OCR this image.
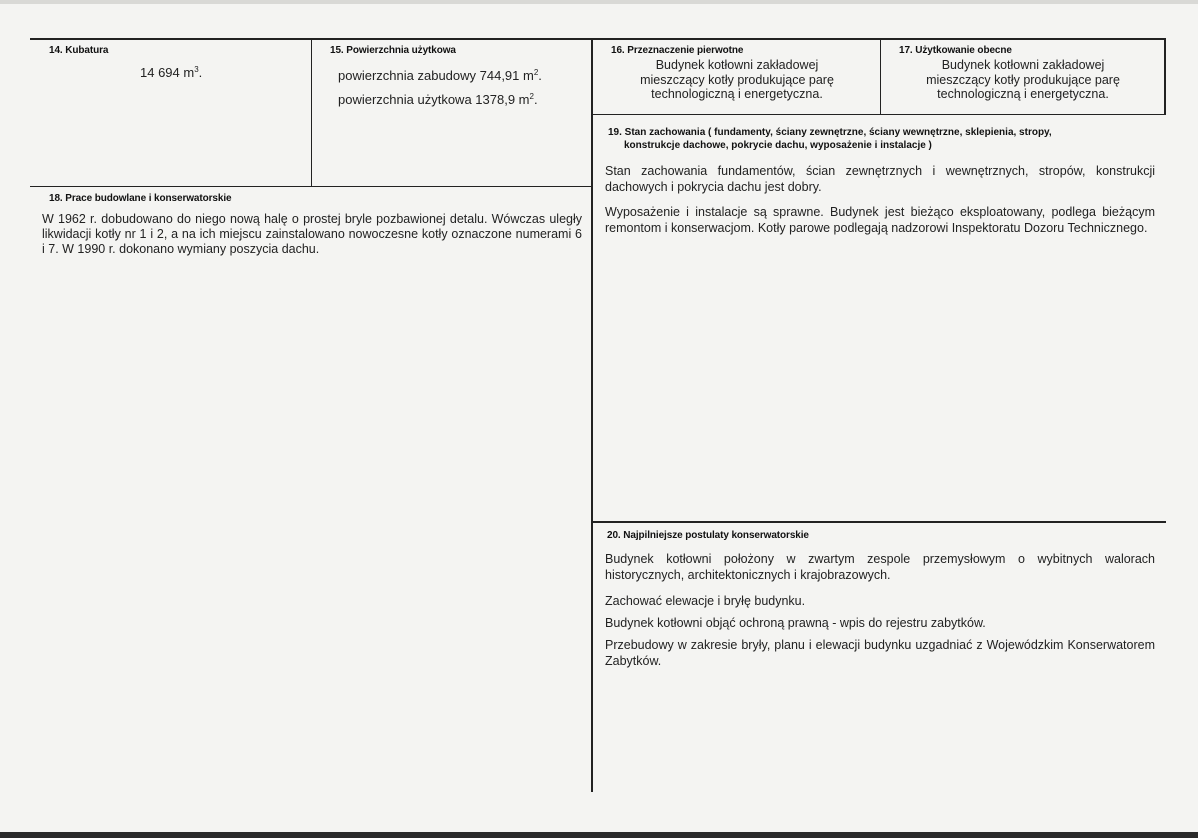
14. Kubatura
14 694 $m^3$.
15. Powierzchnia użytkowa
powierzchnia zabudowy 744,91 $m^2$.
powierzchnia użytkowa 1378,9 $m^2$.
16. Przeznaczenie pierwotne
Budynek kotłowni zakładowej
mieszczący kotły produkujące parę
technologiczną i energetyczna.
17. Użytkowanie obecne
Budynek kotłowni zakładowej
mieszczący kotły produkujące parę
technologiczną i energetyczna.
18. Prace budowlane i konserwatorskie
W 1962 r. dobudowano do niego nową halę o prostej bryle pozbawionej detalu. Wówczas uległy likwidacji kotły nr 1 i 2, a na ich miejscu zainstalowano nowoczesne kotły oznaczone numerami 6 i 7. W 1990 r. dokonano wymiany poszycia dachu.
19. Stan zachowania ( fundamenty, ściany zewnętrzne, ściany wewnętrzne, sklepienia, stropy,
konstrukcje dachowe, pokrycie dachu, wyposażenie i instalacje )

Stan zachowania fundamentów, ścian zewnętrznych i wewnętrznych, stropów, konstrukcji dachowych i pokrycia dachu jest dobry.

Wyposażenie i instalacje są sprawne. Budynek jest bieżąco eksploatowany, podlega bieżącym remontom i konserwacjom. Kotły parowe podlegają nadzorowi Inspektoratu Dozoru Technicznego.

20. Najpilniejsze postulaty konserwatorskie

Budynek kotłowni położony w zwartym zespole przemysłowym o wybitnych walorach historycznych, architektonicznych i krajobrazowych.

Zachować elewacje i bryłę budynku.

Budynek kotłowni objąć ochroną prawną - wpis do rejestru zabytków.

Przebudowy w zakresie bryły, planu i elewacji budynku uzgadniać z Wojewódzkim Konserwatorem Zabytków.
